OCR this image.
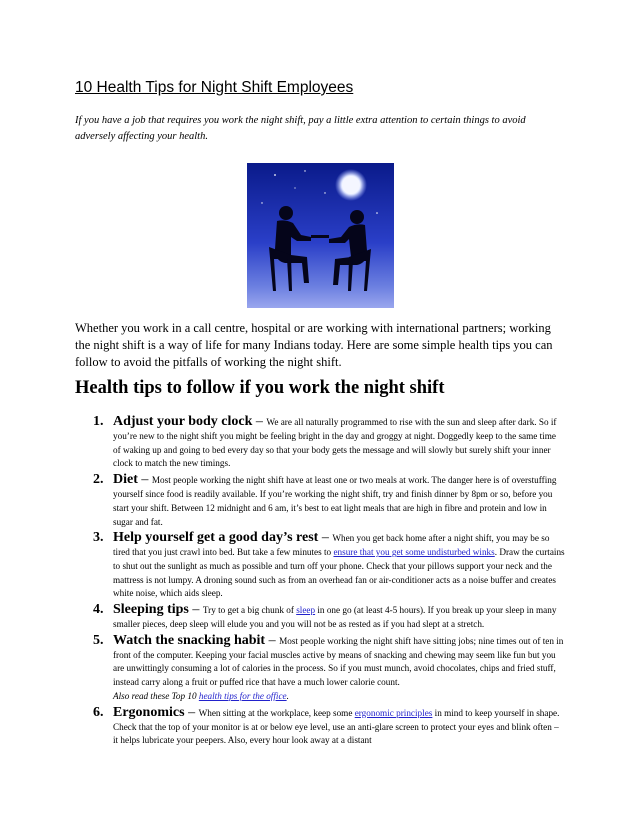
10 Health Tips for Night Shift Employees
If you have a job that requires you work the night shift, pay a little extra attention to certain things to avoid adversely affecting your health.
Whether you work in a call centre, hospital or are working with international partners; working the night shift is a way of life for many Indians today. Here are some simple health tips you can follow to avoid the pitfalls of working the night shift.
Health tips to follow if you work the night shift
1. Adjust your body clock – We are all naturally programmed to rise with the sun and sleep after dark. So if you’re new to the night shift you might be feeling bright in the day and groggy at night. Doggedly keep to the same time of waking up and going to bed every day so that your body gets the message and will slowly but surely shift your inner clock to match the new timings.
2. Diet – Most people working the night shift have at least one or two meals at work. The danger here is of overstuffing yourself since food is readily available. If you’re working the night shift, try and finish dinner by 8pm or so, before you start your shift. Between 12 midnight and 6 am, it’s best to eat light meals that are high in fibre and protein and low in sugar and fat.
3. Help yourself get a good day’s rest – When you get back home after a night shift, you may be so tired that you just crawl into bed. But take a few minutes to ensure that you get some undisturbed winks. Draw the curtains to shut out the sunlight as much as possible and turn off your phone. Check that your pillows support your neck and the mattress is not lumpy. A droning sound such as from an overhead fan or air-conditioner acts as a noise buffer and creates white noise, which aids sleep.
4. Sleeping tips – Try to get a big chunk of sleep in one go (at least 4-5 hours). If you break up your sleep in many smaller pieces, deep sleep will elude you and you will not be as rested as if you had slept at a stretch.
5. Watch the snacking habit – Most people working the night shift have sitting jobs; nine times out of ten in front of the computer. Keeping your facial muscles active by means of snacking and chewing may seem like fun but you are unwittingly consuming a lot of calories in the process. So if you must munch, avoid chocolates, chips and fried stuff, instead carry along a fruit or puffed rice that have a much lower calorie count.
Also read these Top 10 health tips for the office.
6. Ergonomics – When sitting at the workplace, keep some ergonomic principles in mind to keep yourself in shape. Check that the top of your monitor is at or below eye level, use an anti-glare screen to protect your eyes and blink often – it helps lubricate your peepers. Also, every hour look away at a distant
